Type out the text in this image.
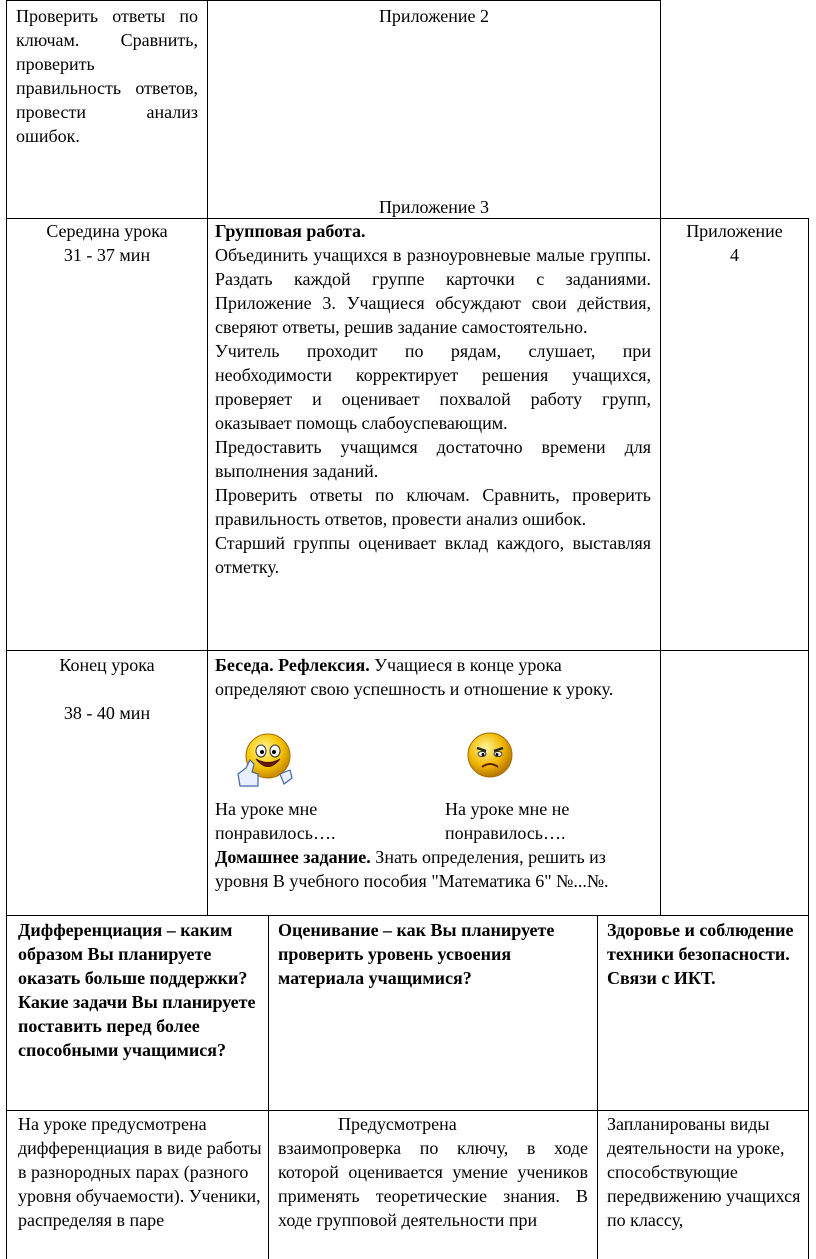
Проверить ответы по ключам. Сравнить, проверить правильность ответов, провести анализ ошибок.
Приложение 2
Приложение 3

Середина урока

31 - 37 мин

Групповая работа.

Объединить учащихся в разноуровневые малые группы. Раздать каждой группе карточки с заданиями. Приложение 3. Учащиеся обсуждают свои действия, сверяют ответы, решив задание самостоятельно.

Учитель проходит по рядам, слушает, при необходимости корректирует решения учащихся, проверяет и оценивает похвалой работу групп, оказывает помощь слабоуспевающим.

Предоставить учащимся достаточно времени для выполнения заданий.

Проверить ответы по ключам. Сравнить, проверить правильность ответов, провести анализ ошибок.

Старший группы оценивает вклад каждого, выставляя отметку.

Приложение

4

Конец урока

38 - 40 мин

Беседа. Рефлексия. Учащиеся в конце урока определяют свою успешность и отношение к уроку.

На уроке мне

понравилось….

На уроке мне не

понравилось….

Домашнее задание. Знать определения, решить из уровня В учебного пособия "Математика 6" №...№.
Дифференциация – каким образом Вы планируете оказать больше поддержки? Какие задачи Вы планируете поставить перед более способными учащимися?
Оценивание – как Вы планируете проверить уровень усвоения материала учащимися?
Здоровье и соблюдение техники безопасности. Связи с ИКТ.
На уроке предусмотрена дифференциация в виде работы в разнородных парах (разного уровня обучаемости). Ученики, распределяя в паре

Предусмотрена

взаимопроверка по ключу, в ходе которой оценивается умение учеников применять теоретические знания. В ходе групповой деятельности при

Запланированы виды деятельности на уроке, способствующие передвижению учащихся по классу,
